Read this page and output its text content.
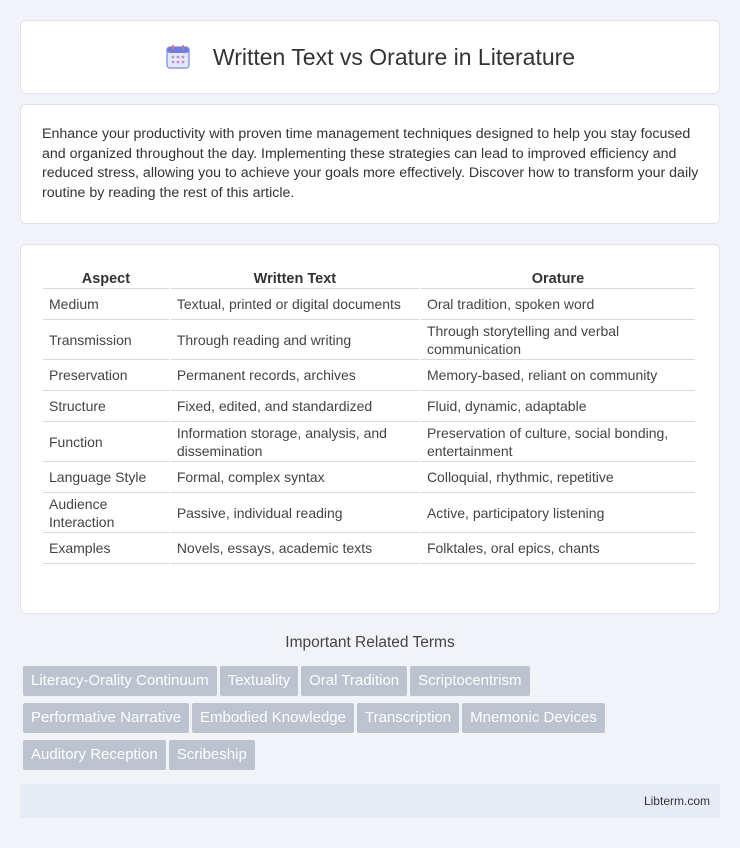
Written Text vs Orature in Literature

Enhance your productivity with proven time management techniques designed to help you stay focused and organized throughout the day. Implementing these strategies can lead to improved efficiency and reduced stress, allowing you to achieve your goals more effectively. Discover how to transform your daily routine by reading the rest of this article.

Aspect	Written Text	Orature
Medium	Textual, printed or digital documents	Oral tradition, spoken word
Transmission	Through reading and writing	Through storytelling and verbal communication
Preservation	Permanent records, archives	Memory-based, reliant on community
Structure	Fixed, edited, and standardized	Fluid, dynamic, adaptable
Function	Information storage, analysis, and dissemination	Preservation of culture, social bonding, entertainment
Language Style	Formal, complex syntax	Colloquial, rhythmic, repetitive
Audience Interaction	Passive, individual reading	Active, participatory listening
Examples	Novels, essays, academic texts	Folktales, oral epics, chants
Important Related Terms
Literacy-Orality Continuum Textuality Oral Tradition Scriptocentrism
Performative Narrative Embodied Knowledge Transcription Mnemonic Devices
Auditory Reception Scribeship
Libterm.com
